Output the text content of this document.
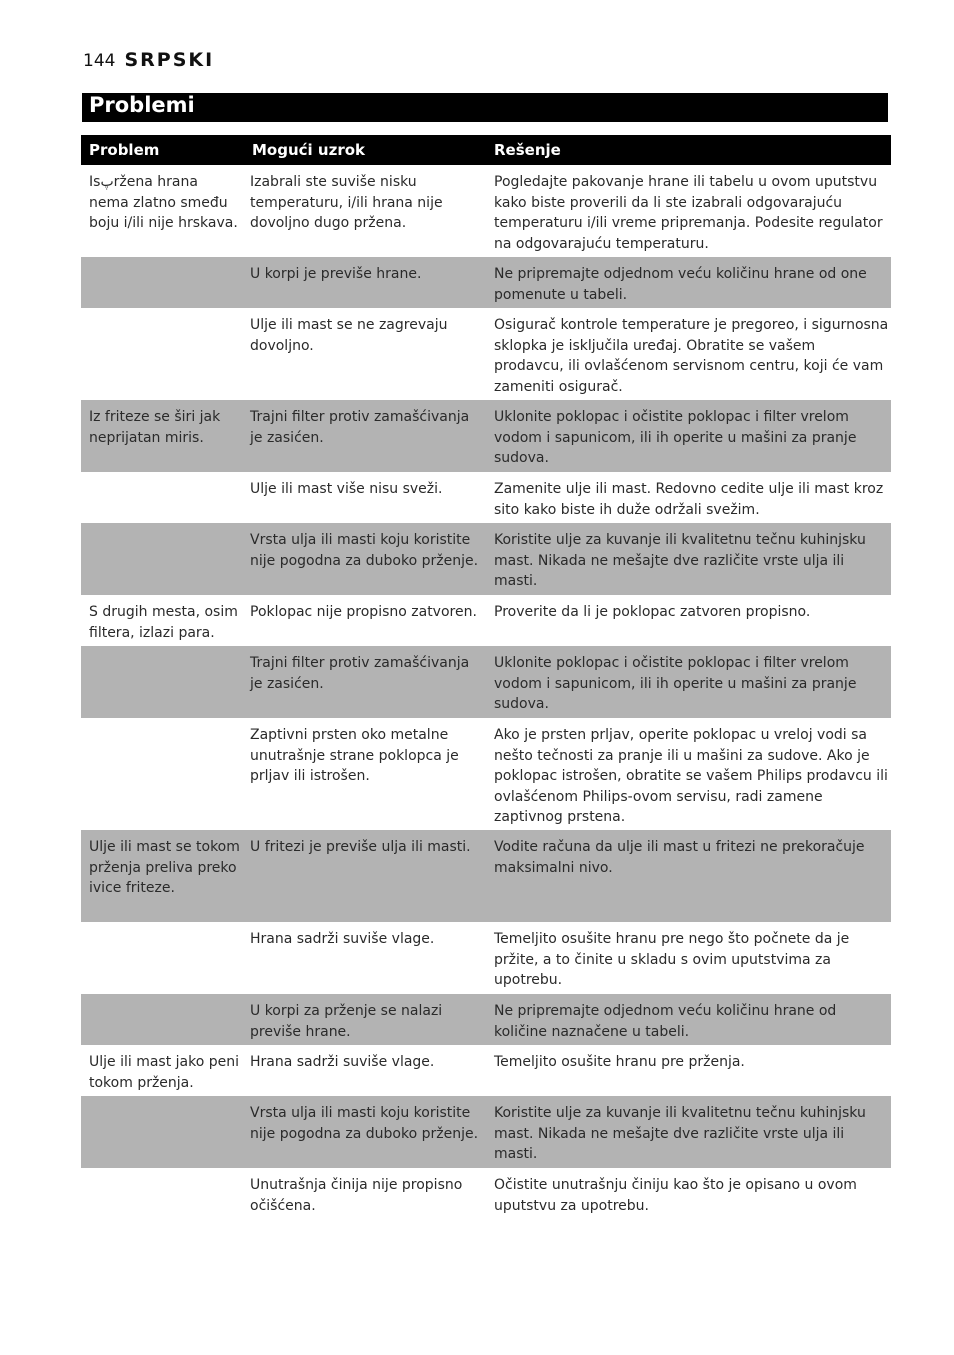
144 SRPSKI
Problemi
Problem	Mogući uzrok	Rešenje
Isپržena hrana nema zlatno smeđu boju i/ili nije hrskava.	Izabrali ste suviše nisku temperaturu, i/ili hrana nije dovoljno dugo pržena.	Pogledajte pakovanje hrane ili tabelu u ovom uputstvu kako biste proverili da li ste izabrali odgovarajuću temperaturu i/ili vreme pripremanja. Podesite regulator na odgovarajuću temperaturu.
	U korpi je previše hrane.	Ne pripremajte odjednom veću količinu hrane od one pomenute u tabeli.
	Ulje ili mast se ne zagrevaju dovoljno.	Osigurač kontrole temperature je pregoreo, i sigurnosna sklopka je isključila uređaj. Obratite se vašem prodavcu, ili ovlašćenom servisnom centru, koji će vam zameniti osigurač.
Iz friteze se širi jak neprijatan miris.	Trajni filter protiv zamašćivanja je zasićen.	Uklonite poklopac i očistite poklopac i filter vrelom vodom i sapunicom, ili ih operite u mašini za pranje sudova.
	Ulje ili mast više nisu sveži.	Zamenite ulje ili mast. Redovno cedite ulje ili mast kroz sito kako biste ih duže održali svežim.
	Vrsta ulja ili masti koju koristite nije pogodna za duboko prženje.	Koristite ulje za kuvanje ili kvalitetnu tečnu kuhinjsku mast. Nikada ne mešajte dve različite vrste ulja ili masti.
S drugih mesta, osim filtera, izlazi para.	Poklopac nije propisno zatvoren.	Proverite da li je poklopac zatvoren propisno.
	Trajni filter protiv zamašćivanja je zasićen.	Uklonite poklopac i očistite poklopac i filter vrelom vodom i sapunicom, ili ih operite u mašini za pranje sudova.
	Zaptivni prsten oko metalne unutrašnje strane poklopca je prljav ili istrošen.	Ako je prsten prljav, operite poklopac u vreloj vodi sa nešto tečnosti za pranje ili u mašini za sudove. Ako je poklopac istrošen, obratite se vašem Philips prodavcu ili ovlašćenom Philips-ovom servisu, radi zamene zaptivnog prstena.
Ulje ili mast se tokom prženja preliva preko ivice friteze.	U fritezi je previše ulja ili masti.	Vodite računa da ulje ili mast u fritezi ne prekoračuje maksimalni nivo.
	Hrana sadrži suviše vlage.	Temeljito osušite hranu pre nego što počnete da je pržite, a to činite u skladu s ovim uputstvima za upotrebu.
	U korpi za prženje se nalazi previše hrane.	Ne pripremajte odjednom veću količinu hrane od količine naznačene u tabeli.
Ulje ili mast jako peni tokom prženja.	Hrana sadrži suviše vlage.	Temeljito osušite hranu pre prženja.
	Vrsta ulja ili masti koju koristite nije pogodna za duboko prženje.	Koristite ulje za kuvanje ili kvalitetnu tečnu kuhinjsku mast. Nikada ne mešajte dve različite vrste ulja ili masti.
	Unutrašnja činija nije propisno očišćena.	Očistite unutrašnju činiju kao što je opisano u ovom uputstvu za upotrebu.
